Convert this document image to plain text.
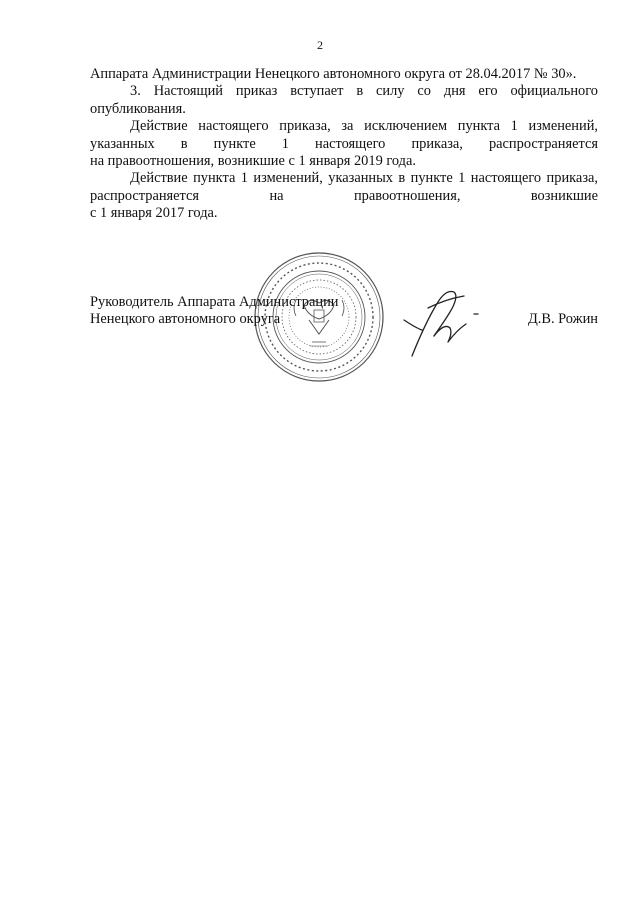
2

Аппарата Администрации Ненецкого автономного округа от 28.04.2017 № 30».

3. Настоящий приказ вступает в силу со дня его официального опубликования.

Действие настоящего приказа, за исключением пункта 1 изменений, указанных в пункте 1 настоящего приказа, распространяется

на правоотношения, возникшие с 1 января 2019 года.

Действие пункта 1 изменений, указанных в пункте 1 настоящего приказа, распространяется на правоотношения, возникшие

с 1 января 2017 года.

Руководитель Аппарата Администрации
Ненецкого автономного округа	Д.В. Рожин
